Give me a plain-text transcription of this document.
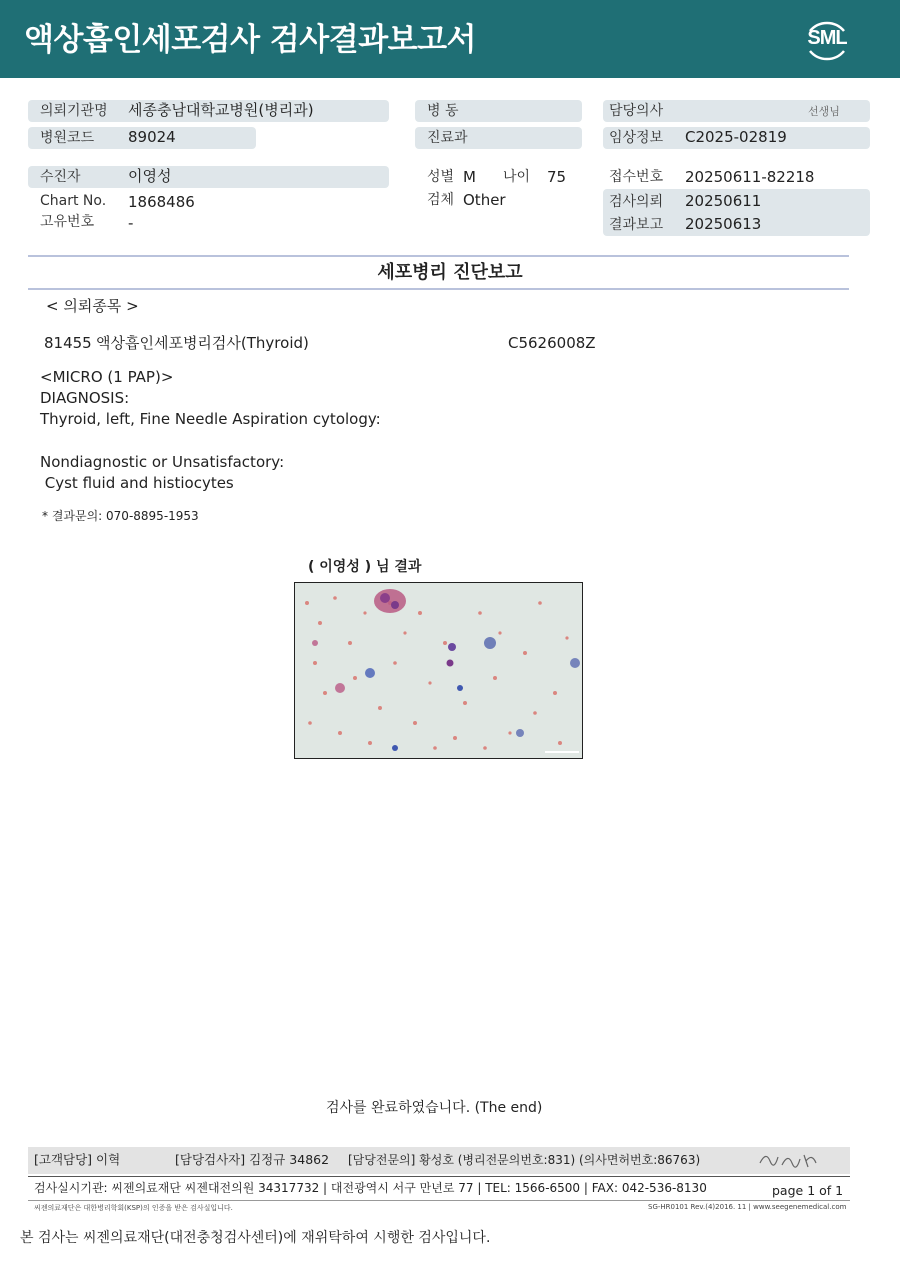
액상흡인세포검사 검사결과보고서	SML
의뢰기관명 세종충남대학교병원(병리과)
병원코드 89024
수진자	이영성
Chart No. 1868486
고유번호 -
병 동
진료과
성별 M 나이 75
검체 Other
담당의사	선생님
임상정보 C2025-02819
접수번호 20250611-82218
검사의뢰 20250611
결과보고 20250613
세포병리 진단보고
< 의뢰종목 >
81455 액상흡인세포병리검사(Thyroid)	C5626008Z
<MICRO (1 PAP)>
DIAGNOSIS:
Thyroid, left, Fine Needle Aspiration cytology:
Nondiagnostic or Unsatisfactory:
Cyst fluid and histiocytes
* 결과문의: 070-8895-1953
( 이영성 ) 님 결과
검사를 완료하였습니다. (The end)
[고객담당] 이혁	[담당검사자] 김정규 34862 [담당전문의] 황성호 (병리전문의번호:831) (의사면허번호:86763)
검사실시기관: 씨젠의료재단 씨젠대전의원 34317732 | 대전광역시 서구 만년로 77 | TEL: 1566-6500 | FAX: 042-536-8130	page 1 of 1
씨젠의료재단은 대한병리학회(KSP)의 인증을 받은 검사실입니다.	SG-HR0101 Rev.(4)2016. 11 | www.seegenemedical.com
본 검사는 씨젠의료재단(대전충청검사센터)에 재위탁하여 시행한 검사입니다.
